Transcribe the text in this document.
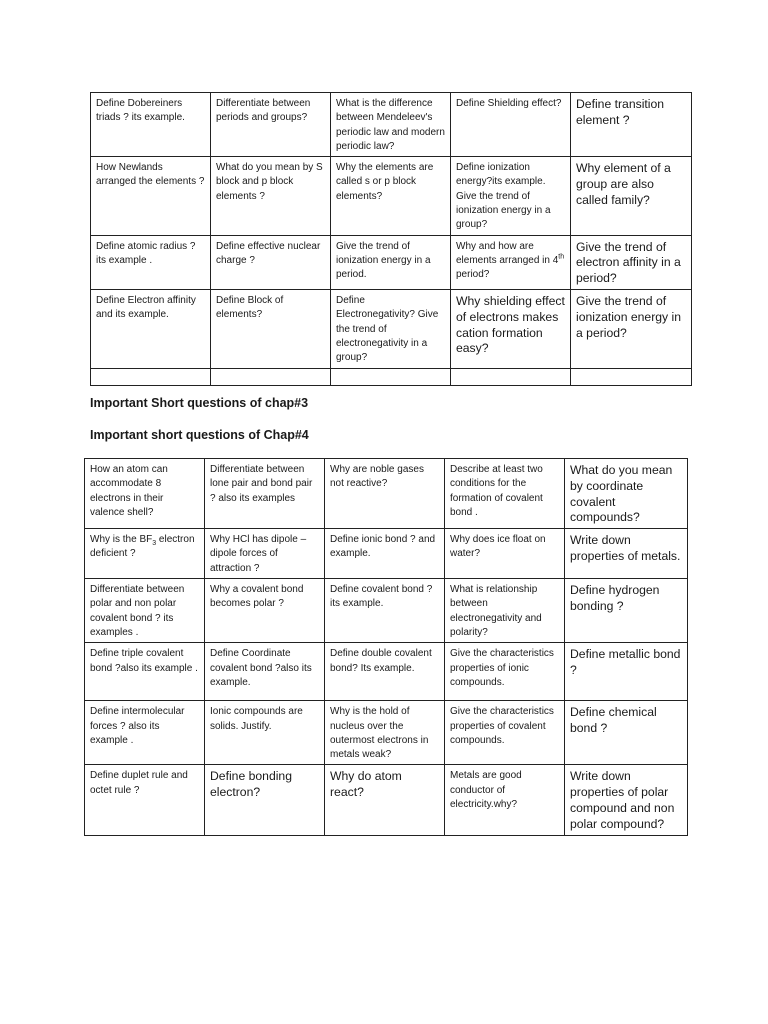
Define Dobereiners triads ? its example.	Differentiate between periods and groups?	What is the difference between Mendeleev's periodic law and modern periodic law?	Define Shielding effect?	Define transition element ?
How Newlands arranged the elements ?	What do you mean by S block and p block elements ?	Why the elements are called s or p block elements?	Define ionization energy?its example. Give the trend of ionization energy in a group?	Why element of a group are also called family?
Define atomic radius ? its example .	Define effective nuclear charge ?	Give the trend of ionization energy in a period.	Why and how are elements arranged in 4th period?	Give the trend of electron affinity in a period?
Define Electron affinity and its example.	Define Block of elements?	Define Electronegativity? Give the trend of electronegativity in a group?	Why shielding effect of electrons makes cation formation easy?	Give the trend of ionization energy in a period?

Important Short questions of chap#3
Important short questions of Chap#4
How an atom can accommodate 8 electrons in their valence shell?	Differentiate between lone pair and bond pair ? also its examples	Why are noble gases not reactive?	Describe at least two conditions for the formation of covalent bond .	What do you mean by coordinate covalent compounds?
Why is the $BF_3$ electron deficient ?	Why HCl has dipole – dipole forces of attraction ?	Define ionic bond ? and example.	Why does ice float on water?	Write down properties of metals.
Differentiate between polar and non polar covalent bond ? its examples .	Why a covalent bond becomes polar ?	Define covalent bond ? its example.	What is relationship between electronegativity and polarity?	Define hydrogen bonding ?
Define triple covalent bond ?also its example .	Define Coordinate covalent bond ?also its example.	Define double covalent bond? Its example.	Give the characteristics properties of ionic compounds.	Define metallic bond ?
Define intermolecular forces ? also its example .	Ionic compounds are solids. Justify.	Why is the hold of nucleus over the outermost electrons in metals weak?	Give the characteristics properties of covalent compounds.	Define chemical bond ?
Define duplet rule and octet rule ?	Define bonding electron?	Why do atom react?	Metals are good conductor of electricity.why?	Write down properties of polar compound and non polar compound?
